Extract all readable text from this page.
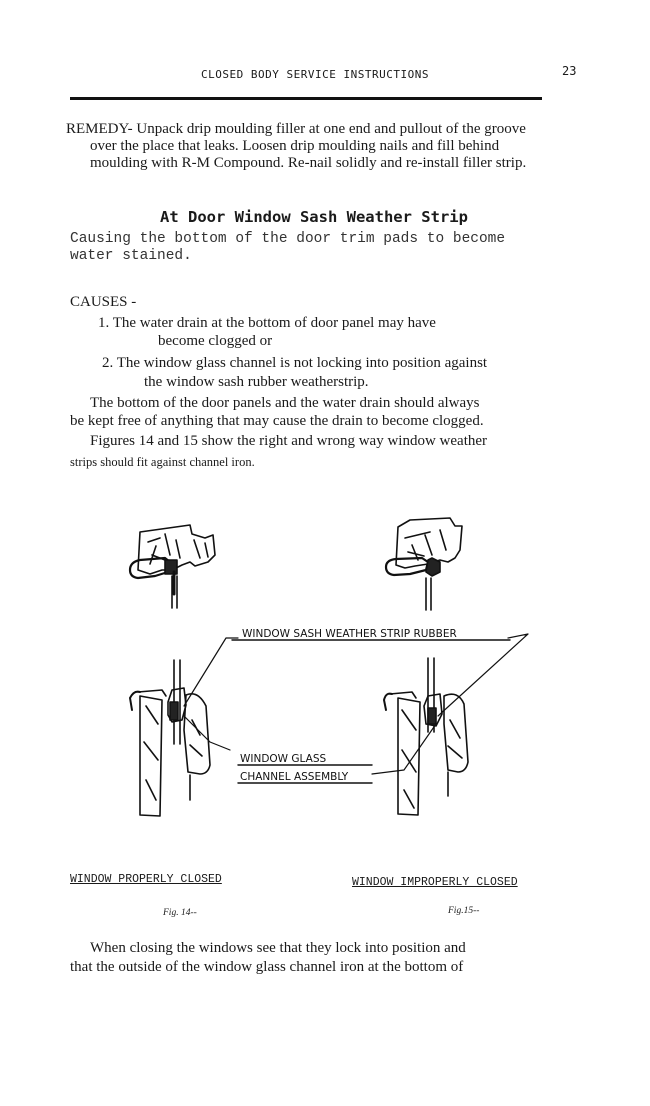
CLOSED BODY SERVICE INSTRUCTIONS	23
REMEDY- Unpack drip moulding filler at one end and pullout of the groove
over the place that leaks. Loosen drip moulding nails and fill behind
moulding with R-M Compound. Re-nail solidly and re-install filler strip.
At Door Window Sash Weather Strip
Causing the bottom of the door trim pads to become
water stained.
CAUSES -
1. The water drain at the bottom of door panel may have
become clogged or
2. The window glass channel is not locking into position against
the window sash rubber weatherstrip.
The bottom of the door panels and the water drain should always
be kept free of anything that may cause the drain to become clogged.
Figures 14 and 15 show the right and wrong way window weather
strips should fit against channel iron.
WINDOW SASH WEATHER STRIP RUBBER
WINDOW GLASS
CHANNEL ASSEMBLY
WINDOW PROPERLY CLOSED	WINDOW IMPROPERLY CLOSED
Fig. 14--	Fig.15--
When closing the windows see that they lock into position and
that the outside of the window glass channel iron at the bottom of
